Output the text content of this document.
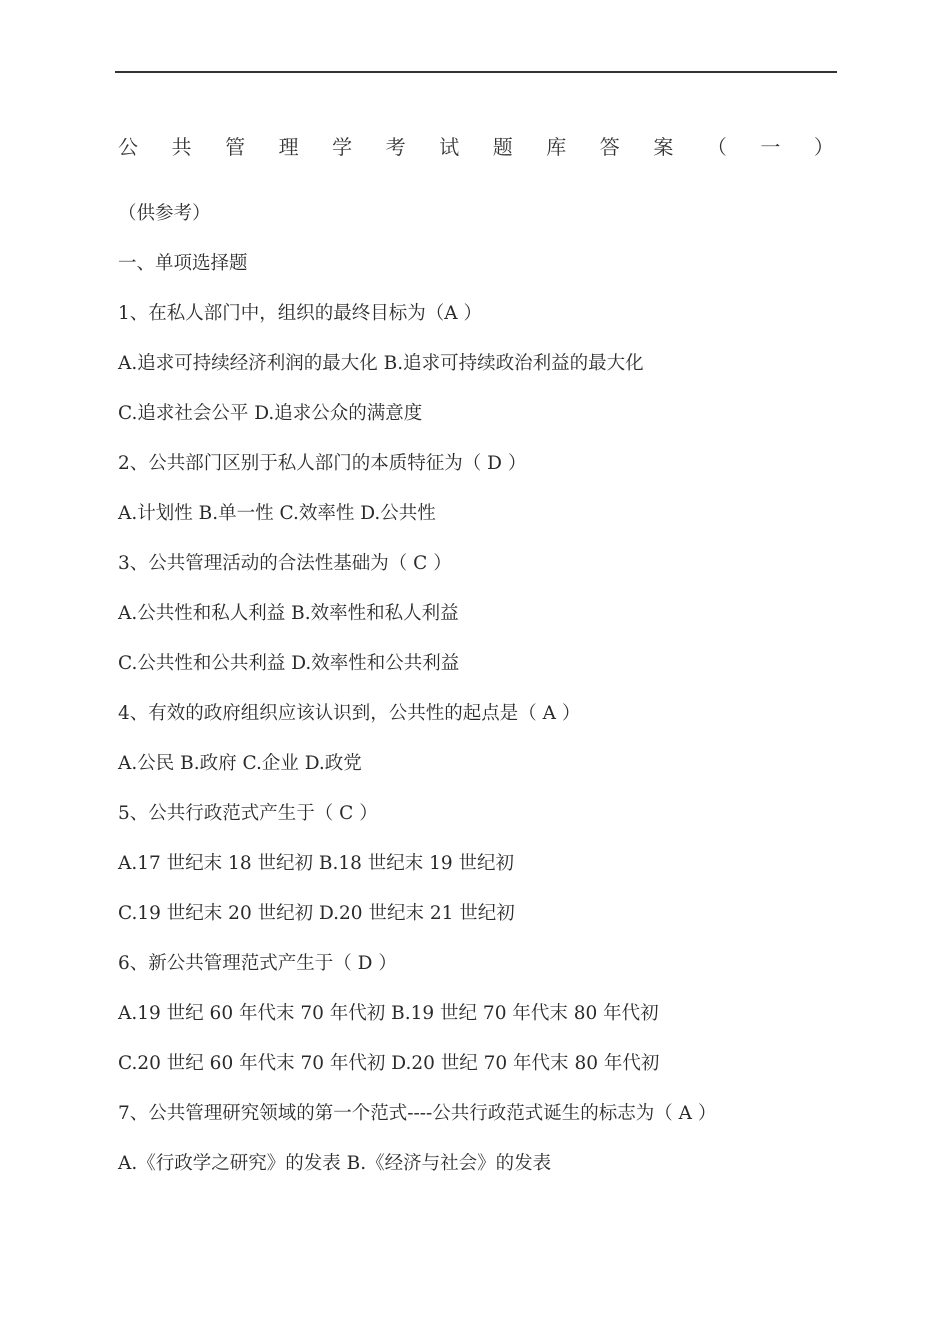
公 共 管 理 学 考 试 题 库 答 案 （ 一 ）
（供参考）
一、单项选择题
1、在私人部门中，组织的最终目标为（A ）
A.追求可持续经济利润的最大化 B.追求可持续政治利益的最大化
C.追求社会公平 D.追求公众的满意度
2、公共部门区别于私人部门的本质特征为（ D ）
A.计划性 B.单一性 C.效率性 D.公共性
3、公共管理活动的合法性基础为（ C ）
A.公共性和私人利益 B.效率性和私人利益
C.公共性和公共利益 D.效率性和公共利益
4、有效的政府组织应该认识到，公共性的起点是（ A ）
A.公民 B.政府 C.企业 D.政党
5、公共行政范式产生于（ C ）
A.17 世纪末 18 世纪初 B.18 世纪末 19 世纪初
C.19 世纪末 20 世纪初 D.20 世纪末 21 世纪初
6、新公共管理范式产生于（ D ）
A.19 世纪 60 年代末 70 年代初 B.19 世纪 70 年代末 80 年代初
C.20 世纪 60 年代末 70 年代初 D.20 世纪 70 年代末 80 年代初
7、公共管理研究领域的第一个范式----公共行政范式诞生的标志为（ A ）
A.《行政学之研究》的发表 B.《经济与社会》的发表
